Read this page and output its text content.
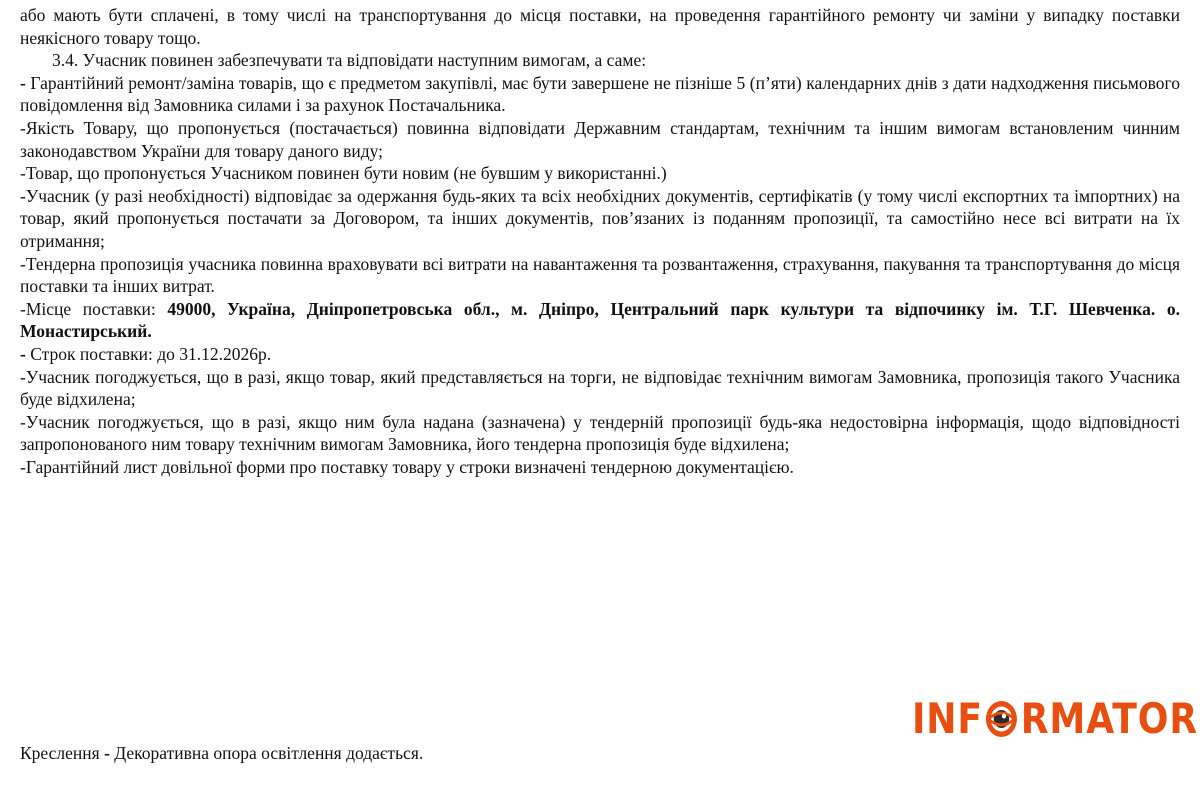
або мають бути сплачені, в тому числі на транспортування до місця поставки, на проведення гарантійного ремонту чи заміни у випадку поставки неякісного товару тощо.

3.4. Учасник повинен забезпечувати та відповідати наступним вимогам, а саме:

- Гарантійний ремонт/заміна товарів, що є предметом закупівлі, має бути завершене не пізніше 5 (п’яти) календарних днів з дати надходження письмового повідомлення від Замовника силами і за рахунок Постачальника.

-Якість Товару, що пропонується (постачається) повинна відповідати Державним стандартам, технічним та іншим вимогам встановленим чинним законодавством України для товару даного виду;

-Товар, що пропонується Учасником повинен бути новим (не бувшим у використанні.)

-Учасник (у разі необхідності) відповідає за одержання будь-яких та всіх необхідних документів, сертифікатів (у тому числі експортних та імпортних) на товар, який пропонується постачати за Договором, та інших документів, пов’язаних із поданням пропозиції, та самостійно несе всі витрати на їх отримання;

-Тендерна пропозиція учасника повинна враховувати всі витрати на навантаження та розвантаження, страхування, пакування та транспортування до місця поставки та інших витрат.

-Місце поставки: 49000, Україна, Дніпропетровська обл., м. Дніпро, Центральний парк культури та відпочинку ім. Т.Г. Шевченка. о. Монастирський.

- Строк поставки: до 31.12.2026р.

-Учасник погоджується, що в разі, якщо товар, який представляється на торги, не відповідає технічним вимогам Замовника, пропозиція такого Учасника буде відхилена;

-Учасник погоджується, що в разі, якщо ним була надана (зазначена) у тендерній пропозиції будь-яка недостовірна інформація, щодо відповідності запропонованого ним товару технічним вимогам Замовника, його тендерна пропозиція буде відхилена;

-Гарантійний лист довільної форми про поставку товару у строки визначені тендерною документацією.

INF RMATOR
Креслення - Декоративна опора освітлення додається.
